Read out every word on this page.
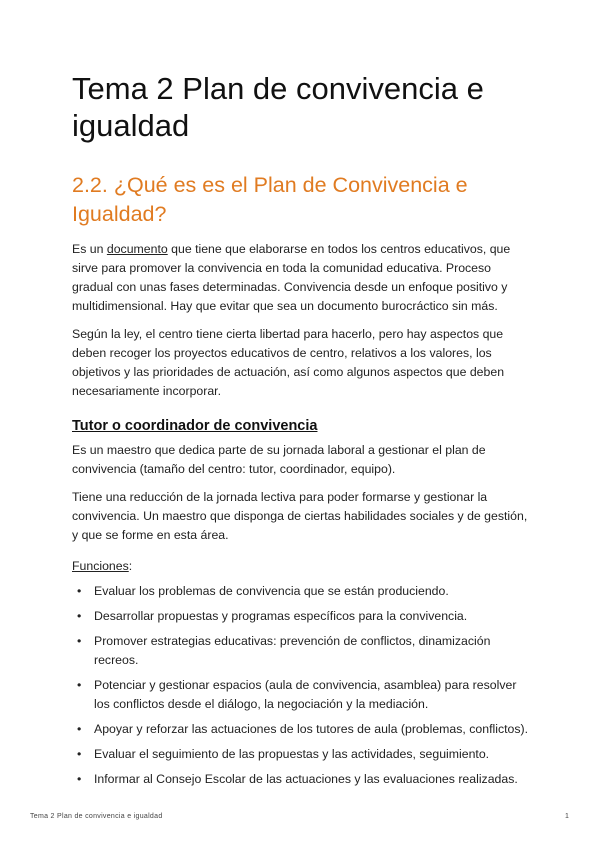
Tema 2 Plan de convivencia e igualdad
2.2. ¿Qué es es el Plan de Convivencia e Igualdad?

Es un documento que tiene que elaborarse en todos los centros educativos, que sirve para promover la convivencia en toda la comunidad educativa. Proceso gradual con unas fases determinadas. Convivencia desde un enfoque positivo y multidimensional. Hay que evitar que sea un documento burocráctico sin más.

Según la ley, el centro tiene cierta libertad para hacerlo, pero hay aspectos que deben recoger los proyectos educativos de centro, relativos a los valores, los objetivos y las prioridades de actuación, así como algunos aspectos que deben necesariamente incorporar.

Tutor o coordinador de convivencia

Es un maestro que dedica parte de su jornada laboral a gestionar el plan de convivencia (tamaño del centro: tutor, coordinador, equipo).

Tiene una reducción de la jornada lectiva para poder formarse y gestionar la convivencia. Un maestro que disponga de ciertas habilidades sociales y de gestión, y que se forme en esta área.

Funciones:

• Evaluar los problemas de convivencia que se están produciendo.
• Desarrollar propuestas y programas específicos para la convivencia.
• Promover estrategias educativas: prevención de conflictos, dinamización recreos.
• Potenciar y gestionar espacios (aula de convivencia, asamblea) para resolver los conflictos desde el diálogo, la negociación y la mediación.
• Apoyar y reforzar las actuaciones de los tutores de aula (problemas, conflictos).
• Evaluar el seguimiento de las propuestas y las actividades, seguimiento.
• Informar al Consejo Escolar de las actuaciones y las evaluaciones realizadas.
Tema 2 Plan de convivencia e igualdad	1
